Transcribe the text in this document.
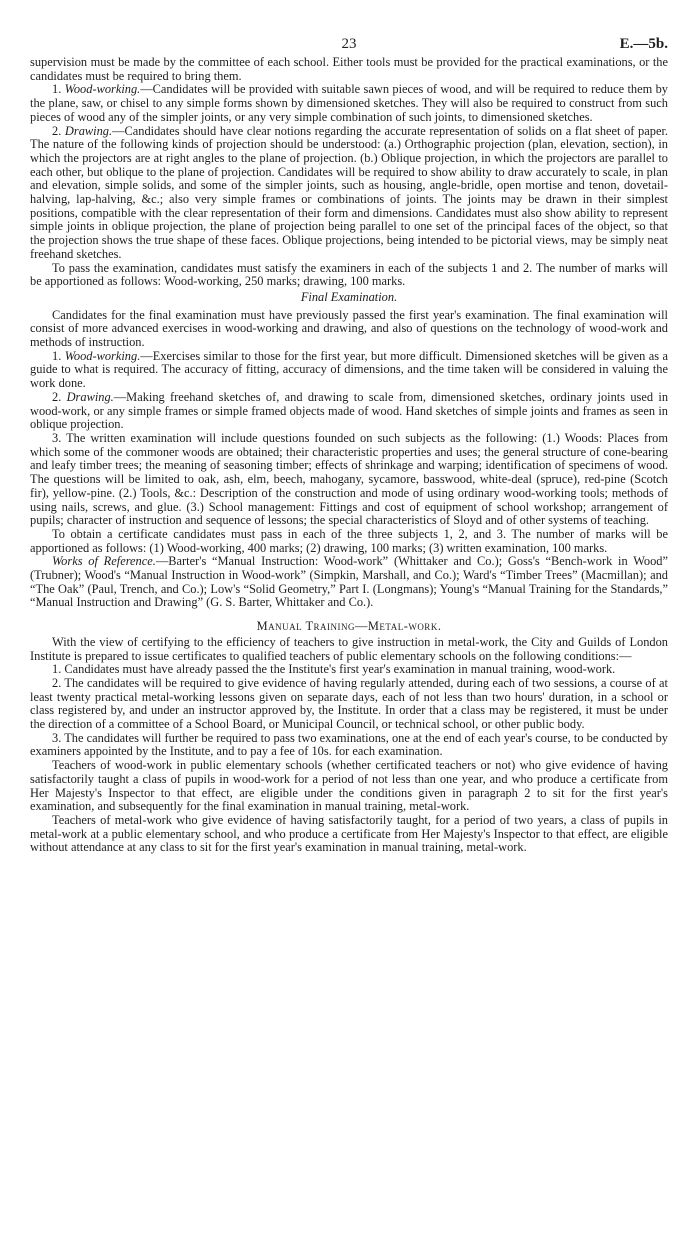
23	E.—5b.

supervision must be made by the committee of each school. Either tools must be provided for the practical examinations, or the candidates must be required to bring them.

1. Wood-working.—Candidates will be provided with suitable sawn pieces of wood, and will be required to reduce them by the plane, saw, or chisel to any simple forms shown by dimensioned sketches. They will also be required to construct from such pieces of wood any of the simpler joints, or any very simple combination of such joints, to dimensioned sketches.

2. Drawing.—Candidates should have clear notions regarding the accurate representation of solids on a flat sheet of paper. The nature of the following kinds of projection should be understood: (a.) Orthographic projection (plan, elevation, section), in which the projectors are at right angles to the plane of projection. (b.) Oblique projection, in which the projectors are parallel to each other, but oblique to the plane of projection. Candidates will be required to show ability to draw accurately to scale, in plan and elevation, simple solids, and some of the simpler joints, such as housing, angle-bridle, open mortise and tenon, dovetail-halving, lap-halving, &c.; also very simple frames or combinations of joints. The joints may be drawn in their simplest positions, compatible with the clear representation of their form and dimensions. Candidates must also show ability to represent simple joints in oblique projection, the plane of projection being parallel to one set of the principal faces of the object, so that the projection shows the true shape of these faces. Oblique projections, being intended to be pictorial views, may be simply neat freehand sketches.

To pass the examination, candidates must satisfy the examiners in each of the subjects 1 and 2. The number of marks will be apportioned as follows: Wood-working, 250 marks; drawing, 100 marks.

Final Examination.

Candidates for the final examination must have previously passed the first year's examination. The final examination will consist of more advanced exercises in wood-working and drawing, and also of questions on the technology of wood-work and methods of instruction.

1. Wood-working.—Exercises similar to those for the first year, but more difficult. Dimensioned sketches will be given as a guide to what is required. The accuracy of fitting, accuracy of dimensions, and the time taken will be considered in valuing the work done.

2. Drawing.—Making freehand sketches of, and drawing to scale from, dimensioned sketches, ordinary joints used in wood-work, or any simple frames or simple framed objects made of wood. Hand sketches of simple joints and frames as seen in oblique projection.

3. The written examination will include questions founded on such subjects as the following: (1.) Woods: Places from which some of the commoner woods are obtained; their characteristic properties and uses; the general structure of cone-bearing and leafy timber trees; the meaning of seasoning timber; effects of shrinkage and warping; identification of specimens of wood. The questions will be limited to oak, ash, elm, beech, mahogany, sycamore, basswood, white-deal (spruce), red-pine (Scotch fir), yellow-pine. (2.) Tools, &c.: Description of the construction and mode of using ordinary wood-working tools; methods of using nails, screws, and glue. (3.) School management: Fittings and cost of equipment of school workshop; arrangement of pupils; character of instruction and sequence of lessons; the special characteristics of Sloyd and of other systems of teaching.

To obtain a certificate candidates must pass in each of the three subjects 1, 2, and 3. The number of marks will be apportioned as follows: (1) Wood-working, 400 marks; (2) drawing, 100 marks; (3) written examination, 100 marks.

Works of Reference.—Barter's “Manual Instruction: Wood-work” (Whittaker and Co.); Goss's “Bench-work in Wood” (Trubner); Wood's “Manual Instruction in Wood-work” (Simpkin, Marshall, and Co.); Ward's “Timber Trees” (Macmillan); and “The Oak” (Paul, Trench, and Co.); Low's “Solid Geometry,” Part I. (Longmans); Young's “Manual Training for the Standards,” “Manual Instruction and Drawing” (G. S. Barter, Whittaker and Co.).

Manual Training—Metal-work.

With the view of certifying to the efficiency of teachers to give instruction in metal-work, the City and Guilds of London Institute is prepared to issue certificates to qualified teachers of public elementary schools on the following conditions:—

1. Candidates must have already passed the the Institute's first year's examination in manual training, wood-work.

2. The candidates will be required to give evidence of having regularly attended, during each of two sessions, a course of at least twenty practical metal-working lessons given on separate days, each of not less than two hours' duration, in a school or class registered by, and under an instructor approved by, the Institute. In order that a class may be registered, it must be under the direction of a committee of a School Board, or Municipal Council, or technical school, or other public body.

3. The candidates will further be required to pass two examinations, one at the end of each year's course, to be conducted by examiners appointed by the Institute, and to pay a fee of 10s. for each examination.

Teachers of wood-work in public elementary schools (whether certificated teachers or not) who give evidence of having satisfactorily taught a class of pupils in wood-work for a period of not less than one year, and who produce a certificate from Her Majesty's Inspector to that effect, are eligible under the conditions given in paragraph 2 to sit for the first year's examination, and subsequently for the final examination in manual training, metal-work.

Teachers of metal-work who give evidence of having satisfactorily taught, for a period of two years, a class of pupils in metal-work at a public elementary school, and who produce a certificate from Her Majesty's Inspector to that effect, are eligible without attendance at any class to sit for the first year's examination in manual training, metal-work.
